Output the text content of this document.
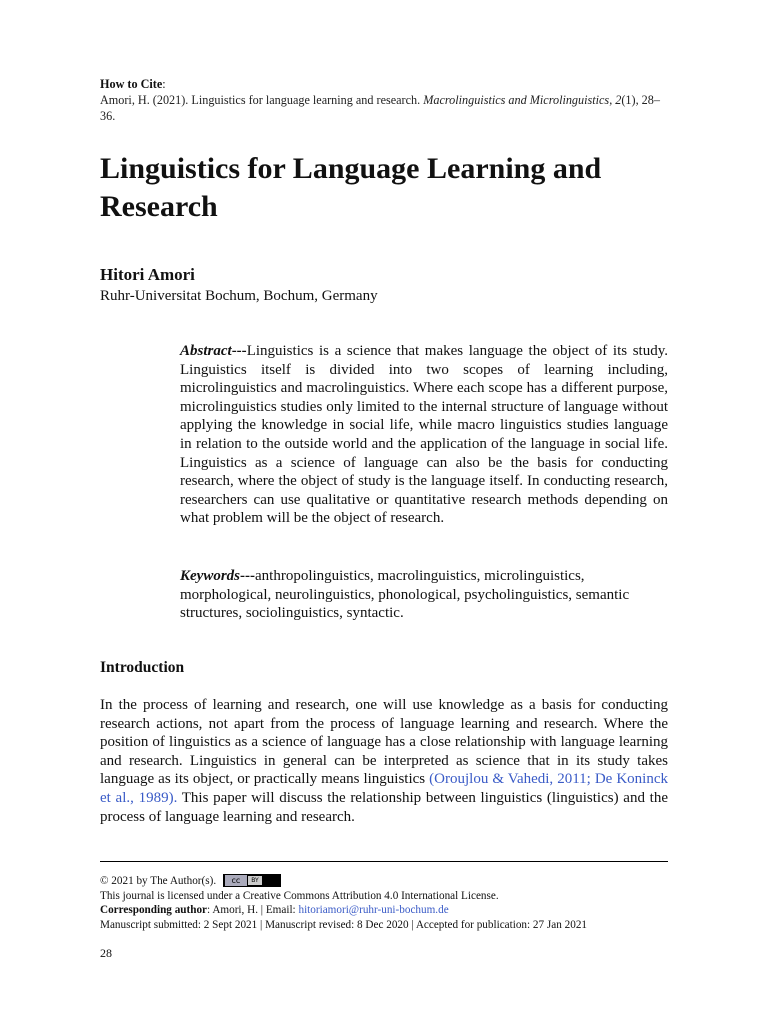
How to Cite:
Amori, H. (2021). Linguistics for language learning and research. Macrolinguistics and Microlinguistics, 2(1), 28–36.
Linguistics for Language Learning and Research
Hitori Amori
Ruhr-Universitat Bochum, Bochum, Germany
Abstract---Linguistics is a science that makes language the object of its study. Linguistics itself is divided into two scopes of learning including, microlinguistics and macrolinguistics. Where each scope has a different purpose, microlinguistics studies only limited to the internal structure of language without applying the knowledge in social life, while macro linguistics studies language in relation to the outside world and the application of the language in social life. Linguistics as a science of language can also be the basis for conducting research, where the object of study is the language itself. In conducting research, researchers can use qualitative or quantitative research methods depending on what problem will be the object of research.
Keywords---anthropolinguistics, macrolinguistics, microlinguistics,
morphological, neurolinguistics, phonological, psycholinguistics, semantic
structures, sociolinguistics, syntactic.
Introduction

In the process of learning and research, one will use knowledge as a basis for conducting research actions, not apart from the process of language learning and research. Where the position of linguistics as a science of language has a close relationship with language learning and research. Linguistics in general can be interpreted as science that in its study takes language as its object, or practically means linguistics (Oroujlou & Vahedi, 2011; De Koninck et al., 1989). This paper will discuss the relationship between linguistics (linguistics) and the process of language learning and research.

© 2021 by The Author(s).	cc	BY
This journal is licensed under a Creative Commons Attribution 4.0 International License.
Corresponding author: Amori, H. | Email: hitoriamori@ruhr-uni-bochum.de
Manuscript submitted: 2 Sept 2021 | Manuscript revised: 8 Dec 2020 | Accepted for publication: 27 Jan 2021
28
